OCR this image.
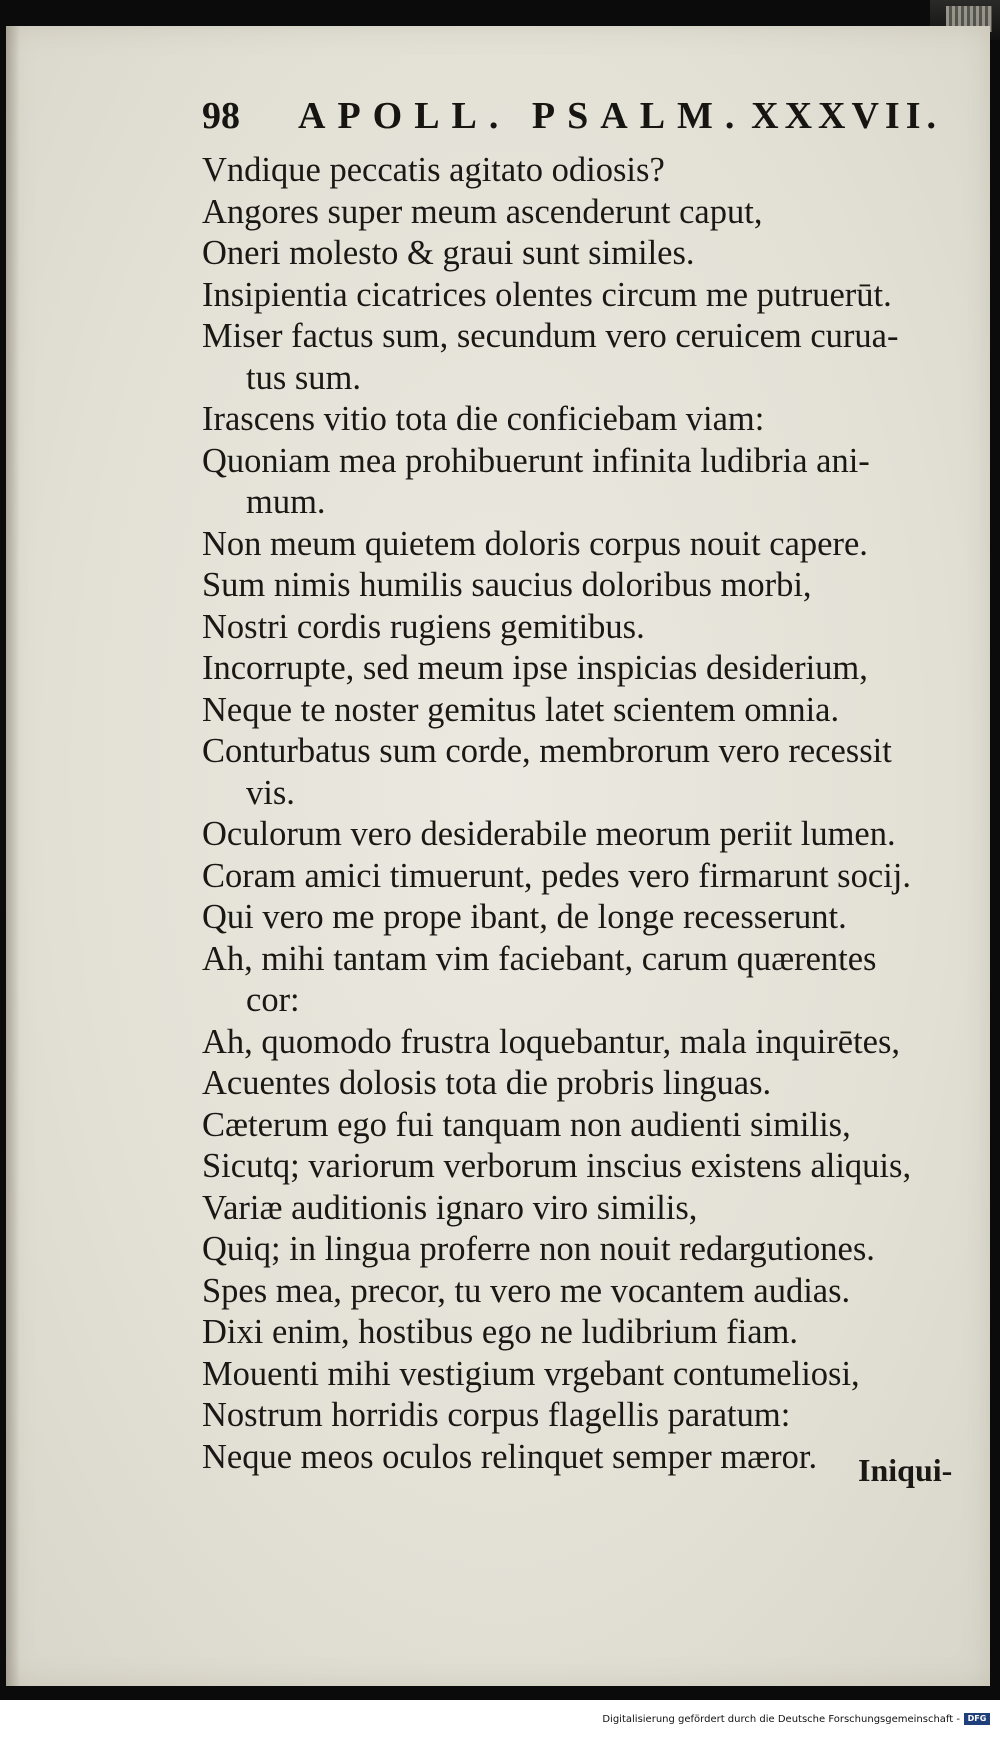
98 APOLL. PSALM. XXXVII.
Vndique peccatis agitato odiosis?
Angores super meum ascenderunt caput,
Oneri molesto & graui sunt similes.
Insipientia cicatrices olentes circum me putruerūt.
Miser factus sum, secundum vero ceruicem curua-
tus sum.
Irascens vitio tota die conficiebam viam:
Quoniam mea prohibuerunt infinita ludibria ani-
mum.
Non meum quietem doloris corpus nouit capere.
Sum nimis humilis saucius doloribus morbi,
Nostri cordis rugiens gemitibus.
Incorrupte, sed meum ipse inspicias desiderium,
Neque te noster gemitus latet scientem omnia.
Conturbatus sum corde, membrorum vero recessit
vis.
Oculorum vero desiderabile meorum periit lumen.
Coram amici timuerunt, pedes vero firmarunt socij.
Qui vero me prope ibant, de longe recesserunt.
Ah, mihi tantam vim faciebant, carum quærentes
cor:
Ah, quomodo frustra loquebantur, mala inquirētes,
Acuentes dolosis tota die probris linguas.
Cæterum ego fui tanquam non audienti similis,
Sicutq; variorum verborum inscius existens aliquis,
Variæ auditionis ignaro viro similis,
Quiq; in lingua proferre non nouit redargutiones.
Spes mea, precor, tu vero me vocantem audias.
Dixi enim, hostibus ego ne ludibrium fiam.
Mouenti mihi vestigium vrgebant contumeliosi,
Nostrum horridis corpus flagellis paratum:
Neque meos oculos relinquet semper mæror.	Iniqui-
Digitalisierung gefördert durch die Deutsche Forschungsgemeinschaft - DFG
